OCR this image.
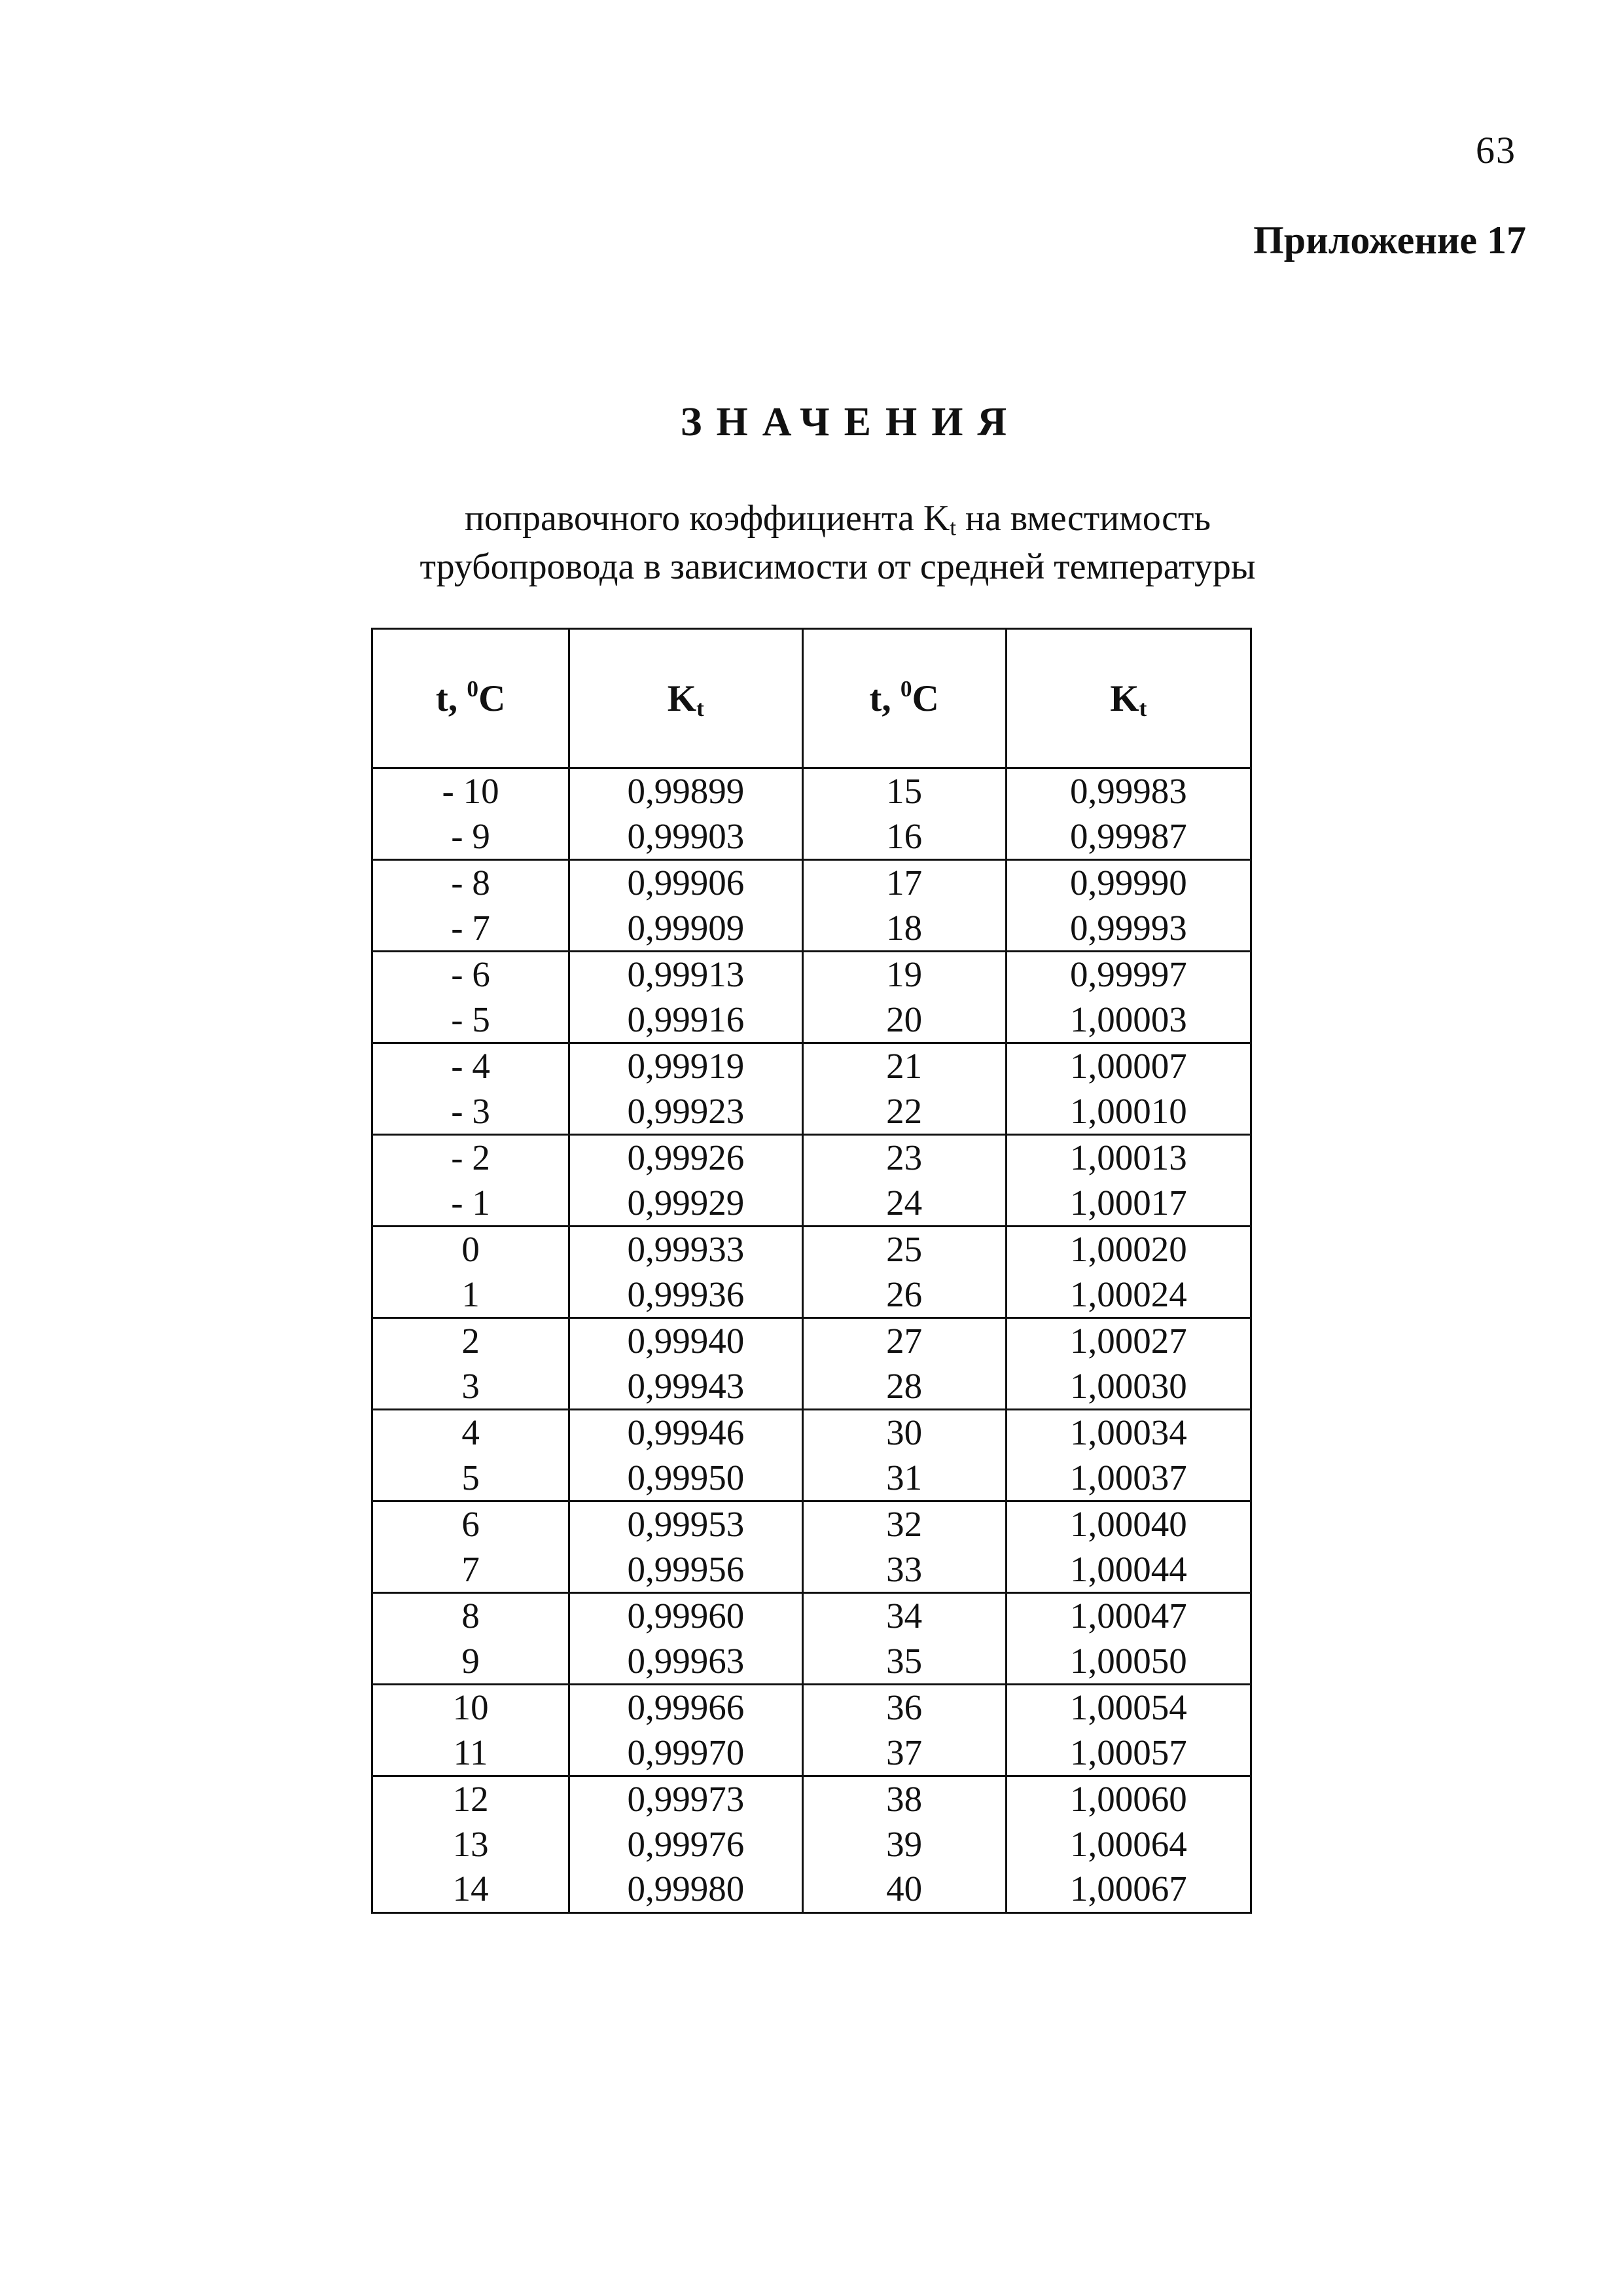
63
Приложение 17
ЗНАЧЕНИЯ
поправочного коэффициента $K_t$ на вместимость
трубопровода в зависимости от средней температуры
t, $^0$C	$K_t$	t, $^0$C	$K_t$
- 10	0,99899	15	0,99983
- 9	0,99903	16	0,99987
- 8	0,99906	17	0,99990
- 7	0,99909	18	0,99993
- 6	0,99913	19	0,99997
- 5	0,99916	20	1,00003
- 4	0,99919	21	1,00007
- 3	0,99923	22	1,00010
- 2	0,99926	23	1,00013
- 1	0,99929	24	1,00017
0	0,99933	25	1,00020
1	0,99936	26	1,00024
2	0,99940	27	1,00027
3	0,99943	28	1,00030
4	0,99946	30	1,00034
5	0,99950	31	1,00037
6	0,99953	32	1,00040
7	0,99956	33	1,00044
8	0,99960	34	1,00047
9	0,99963	35	1,00050
10	0,99966	36	1,00054
11	0,99970	37	1,00057
12	0,99973	38	1,00060
13	0,99976	39	1,00064
14	0,99980	40	1,00067
